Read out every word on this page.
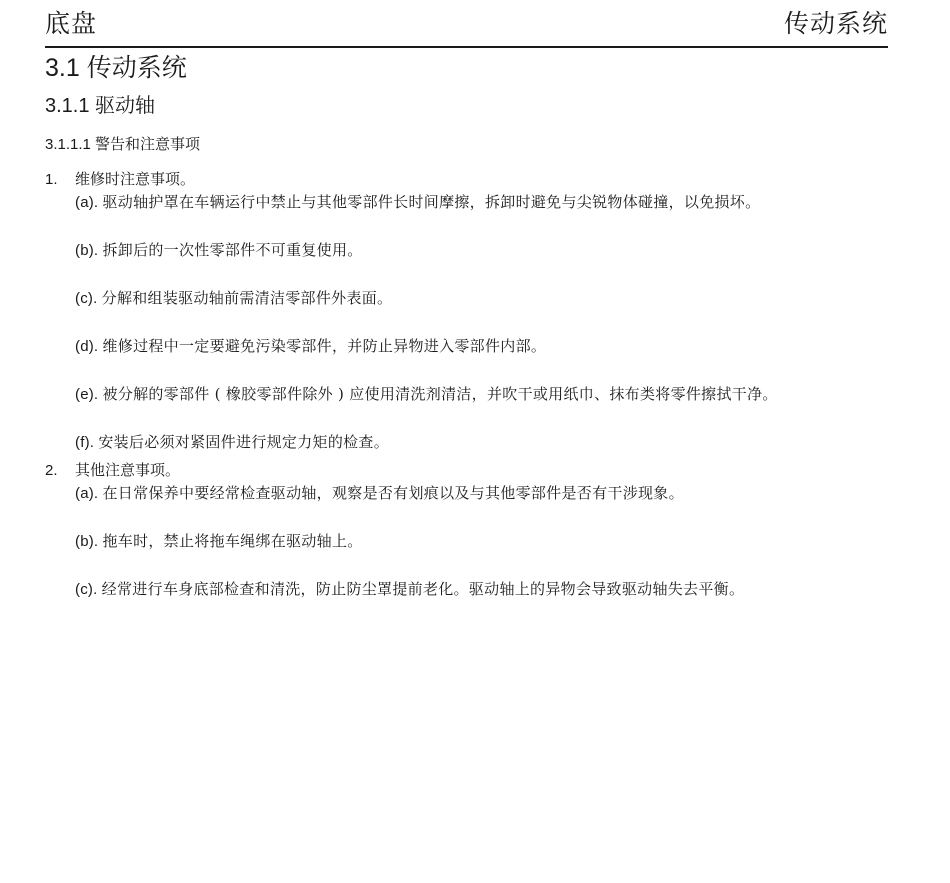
底盘	传动系统
3.1 传动系统
3.1.1 驱动轴
3.1.1.1 警告和注意事项
1. 维修时注意事项。
(a). 驱动轴护罩在车辆运行中禁止与其他零部件长时间摩擦，拆卸时避免与尖锐物体碰撞，以免损坏。
(b). 拆卸后的一次性零部件不可重复使用。
(c). 分解和组装驱动轴前需清洁零部件外表面。
(d). 维修过程中一定要避免污染零部件，并防止异物进入零部件内部。
(e). 被分解的零部件 ( 橡胶零部件除外 ) 应使用清洗剂清洁，并吹干或用纸巾、抹布类将零件擦拭干净。
(f). 安装后必须对紧固件进行规定力矩的检查。
2. 其他注意事项。
(a). 在日常保养中要经常检查驱动轴，观察是否有划痕以及与其他零部件是否有干涉现象。
(b). 拖车时，禁止将拖车绳绑在驱动轴上。
(c). 经常进行车身底部检查和清洗，防止防尘罩提前老化。驱动轴上的异物会导致驱动轴失去平衡。
